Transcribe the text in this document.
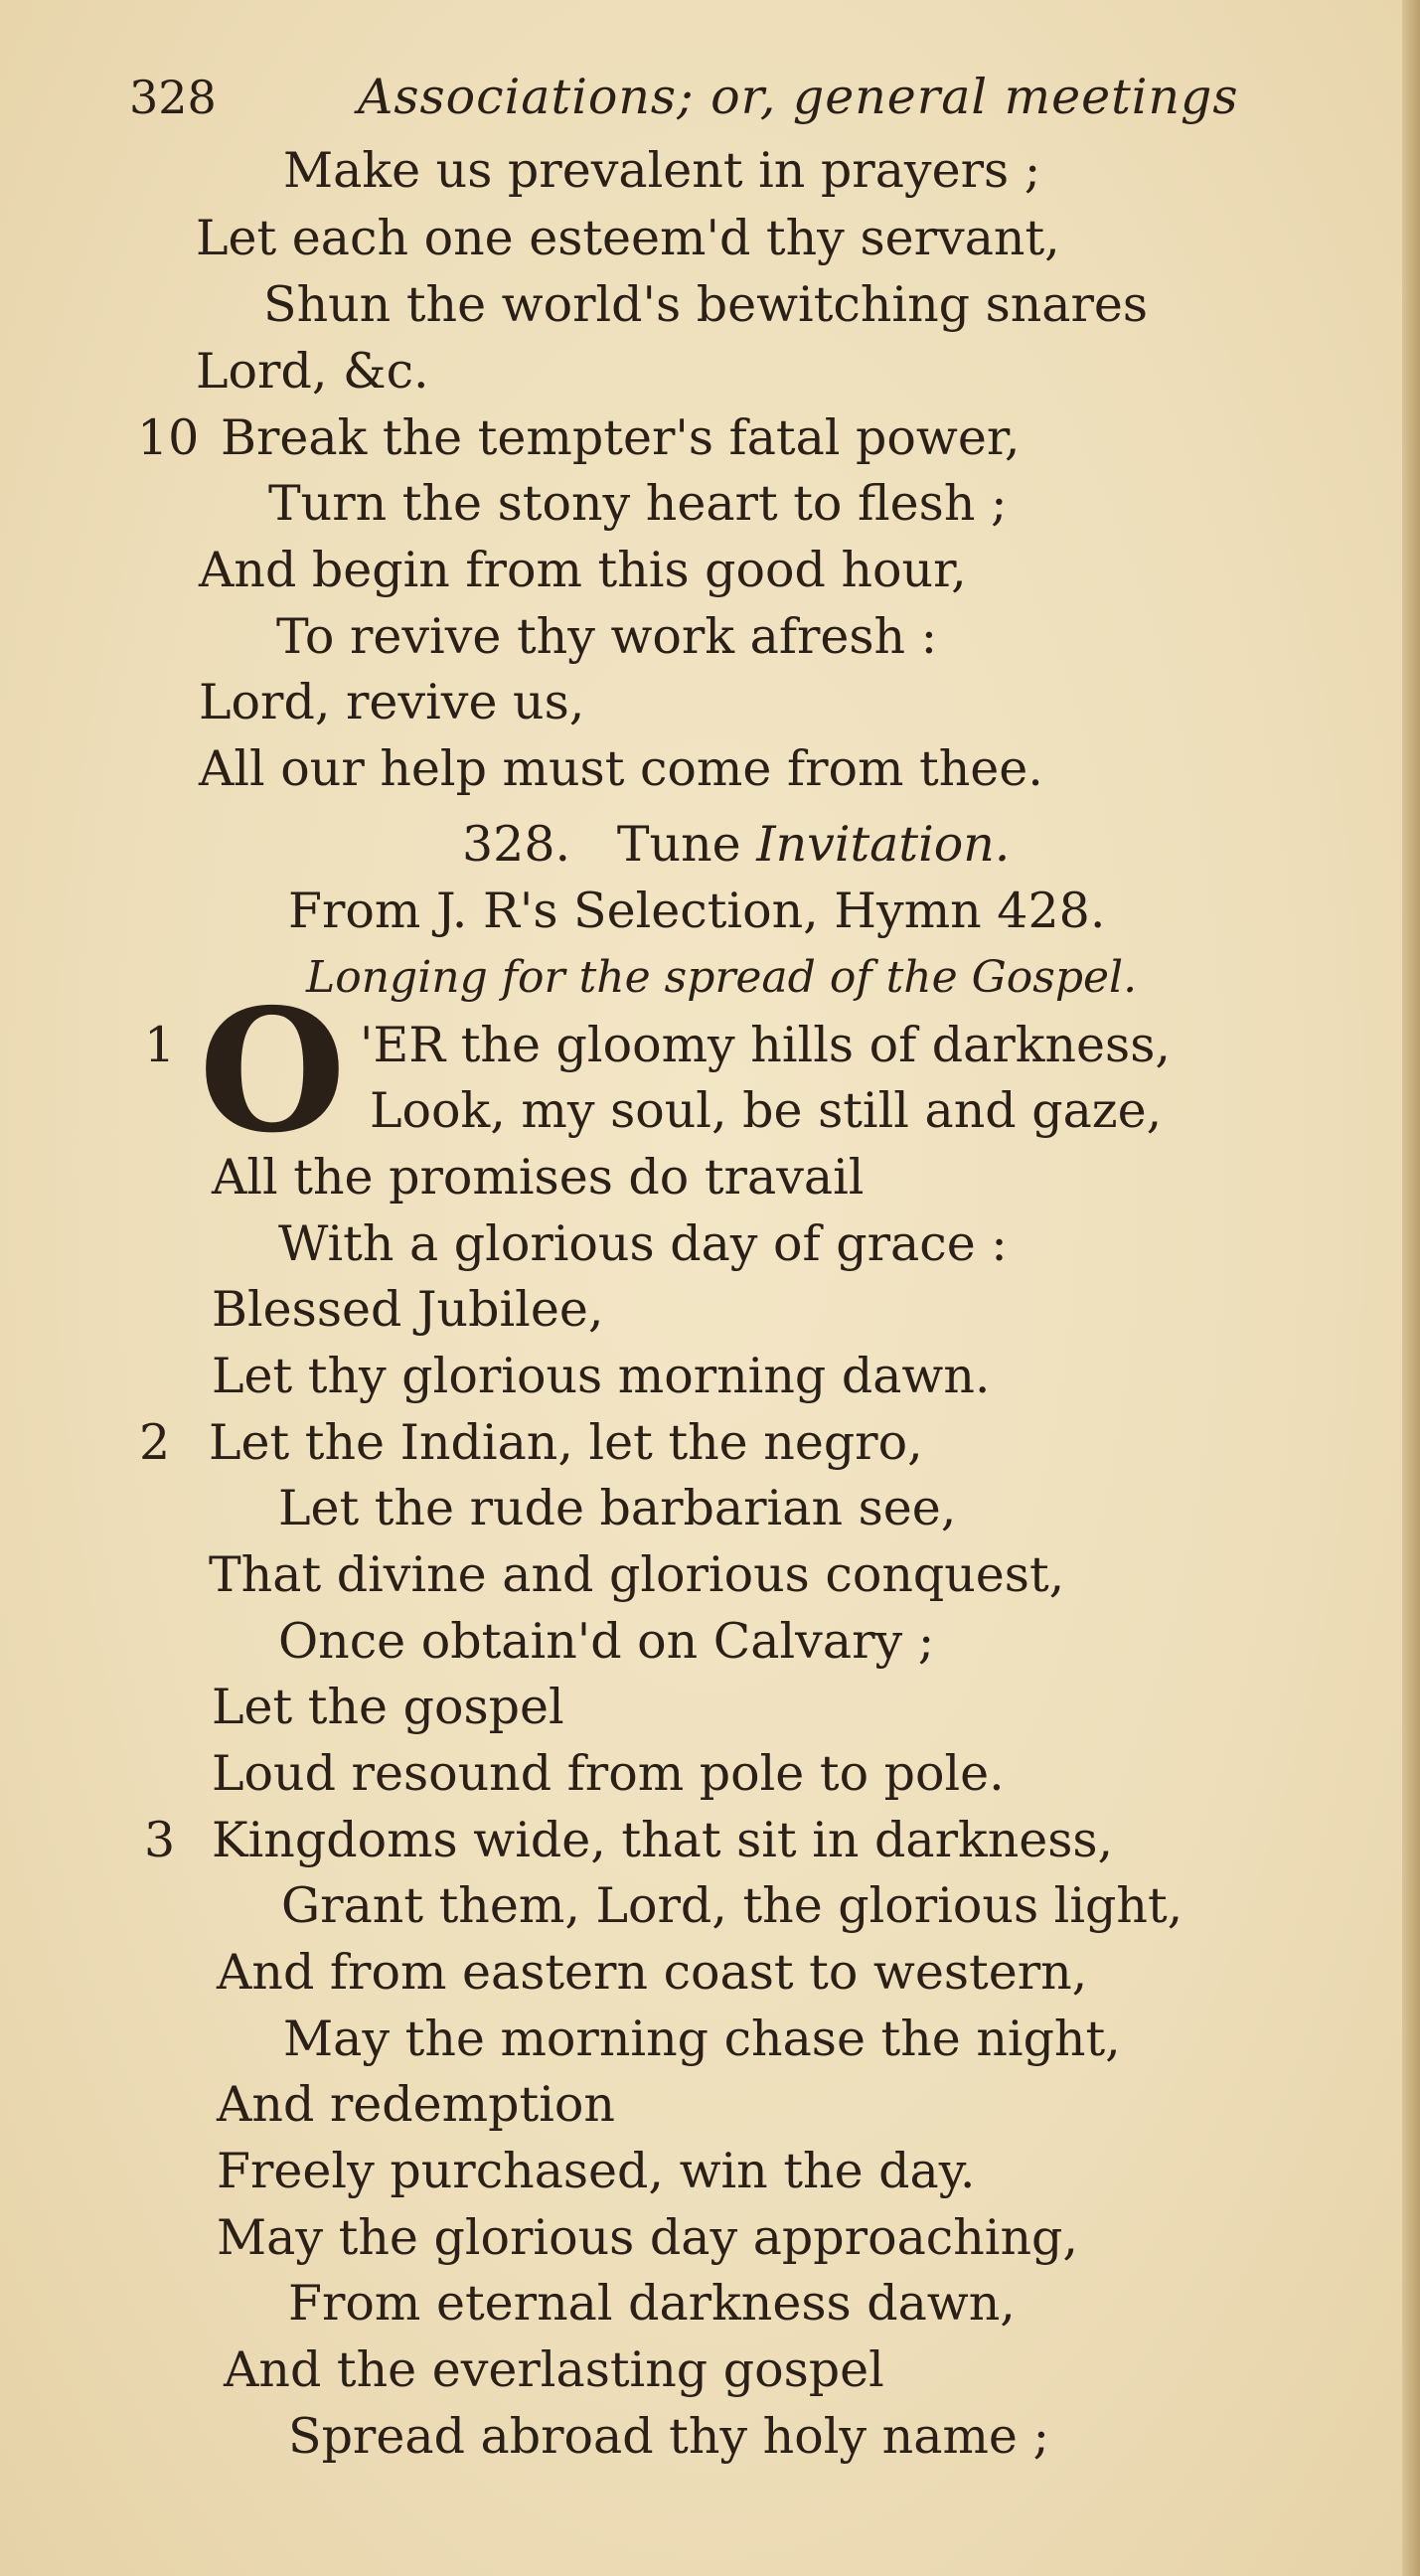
328	Associations; or, general meetings
Make us prevalent in prayers ;
Let each one esteem'd thy servant,
Shun the world's bewitching snares
Lord, &c.
10 Break the tempter's fatal power,
Turn the stony heart to flesh ;
And begin from this good hour,
To revive thy work afresh :
Lord, revive us,
All our help must come from thee.
328. Tune Invitation.
From J. R's Selection, Hymn 428.
Longing for the spread of the Gospel.
1 O 'ER the gloomy hills of darkness,
Look, my soul, be still and gaze,
All the promises do travail
With a glorious day of grace :
Blessed Jubilee,
Let thy glorious morning dawn.
2 Let the Indian, let the negro,
Let the rude barbarian see,
That divine and glorious conquest,
Once obtain'd on Calvary ;
Let the gospel
Loud resound from pole to pole.
3 Kingdoms wide, that sit in darkness,
Grant them, Lord, the glorious light,
And from eastern coast to western,
May the morning chase the night,
And redemption
Freely purchased, win the day.
May the glorious day approaching,
From eternal darkness dawn,
And the everlasting gospel
Spread abroad thy holy name ;
